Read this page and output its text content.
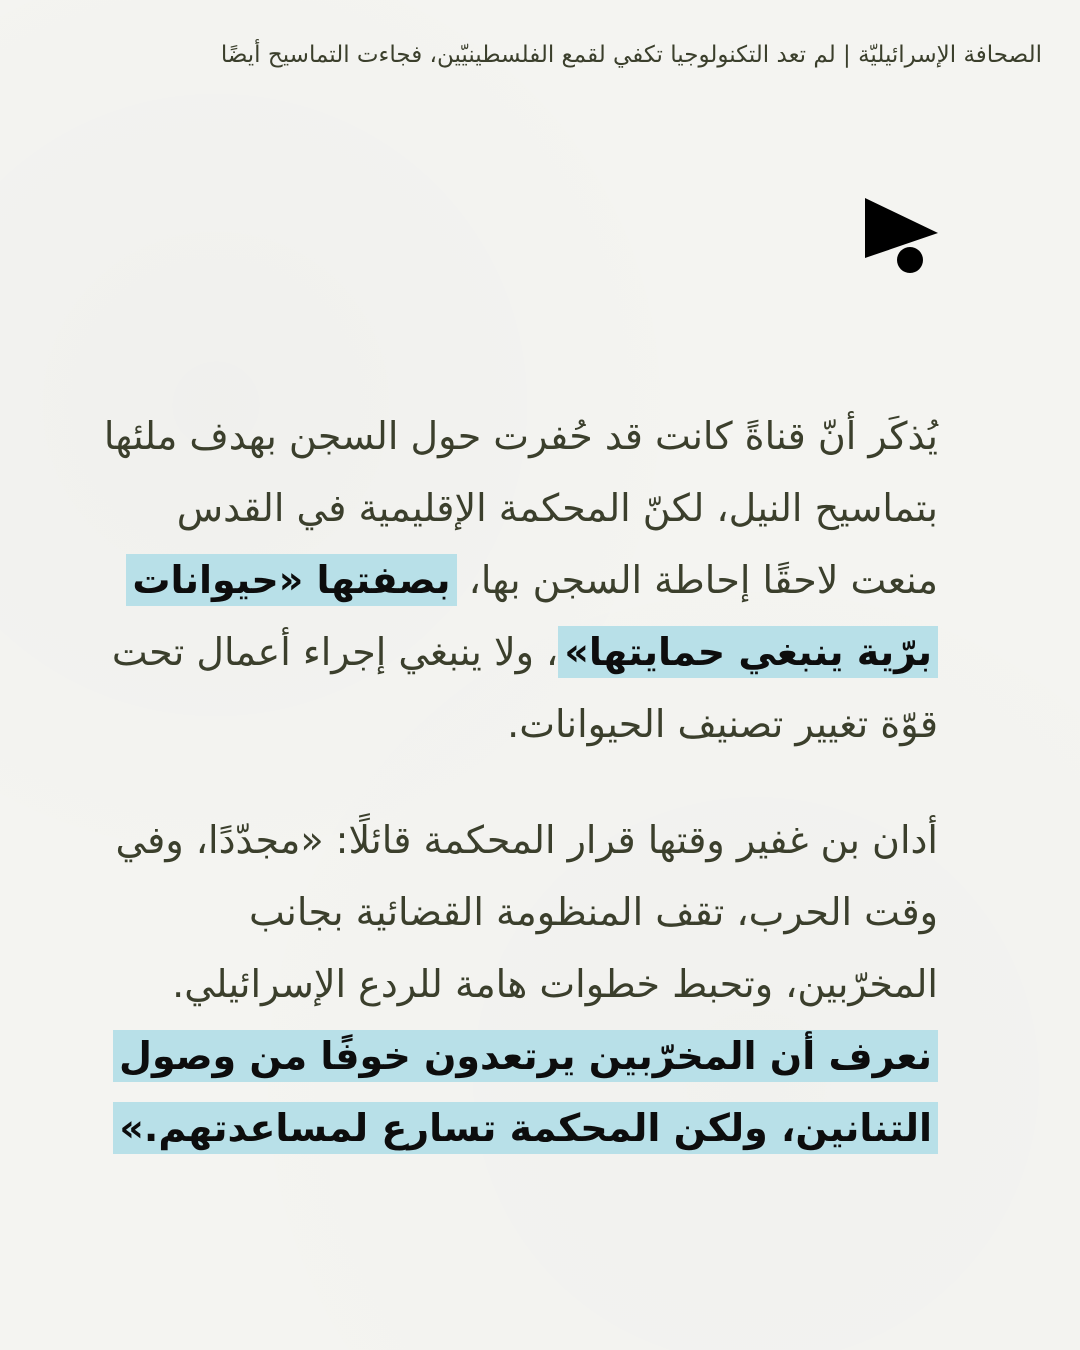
الصحافة الإسرائيليّة | لم تعد التكنولوجيا تكفي لقمع الفلسطينيّين، فجاءت التماسيح أيضًا

يُذكَر أنّ قناةً كانت قد حُفرت حول السجن بهدف ملئها بتماسيح النيل، لكنّ المحكمة الإقليمية في القدس منعت لاحقًا إحاطة السجن بها، بصفتها «حيوانات برّية ينبغي حمايتها»، ولا ينبغي إجراء أعمال تحت قوّة تغيير تصنيف الحيوانات.

أدان بن غفير وقتها قرار المحكمة قائلًا: «مجدّدًا، وفي وقت الحرب، تقف المنظومة القضائية بجانب المخرّبين، وتحبط خطوات هامة للردع الإسرائيلي. نعرف أن المخرّبين يرتعدون خوفًا من وصول التنانين، ولكن المحكمة تسارع لمساعدتهم.»
